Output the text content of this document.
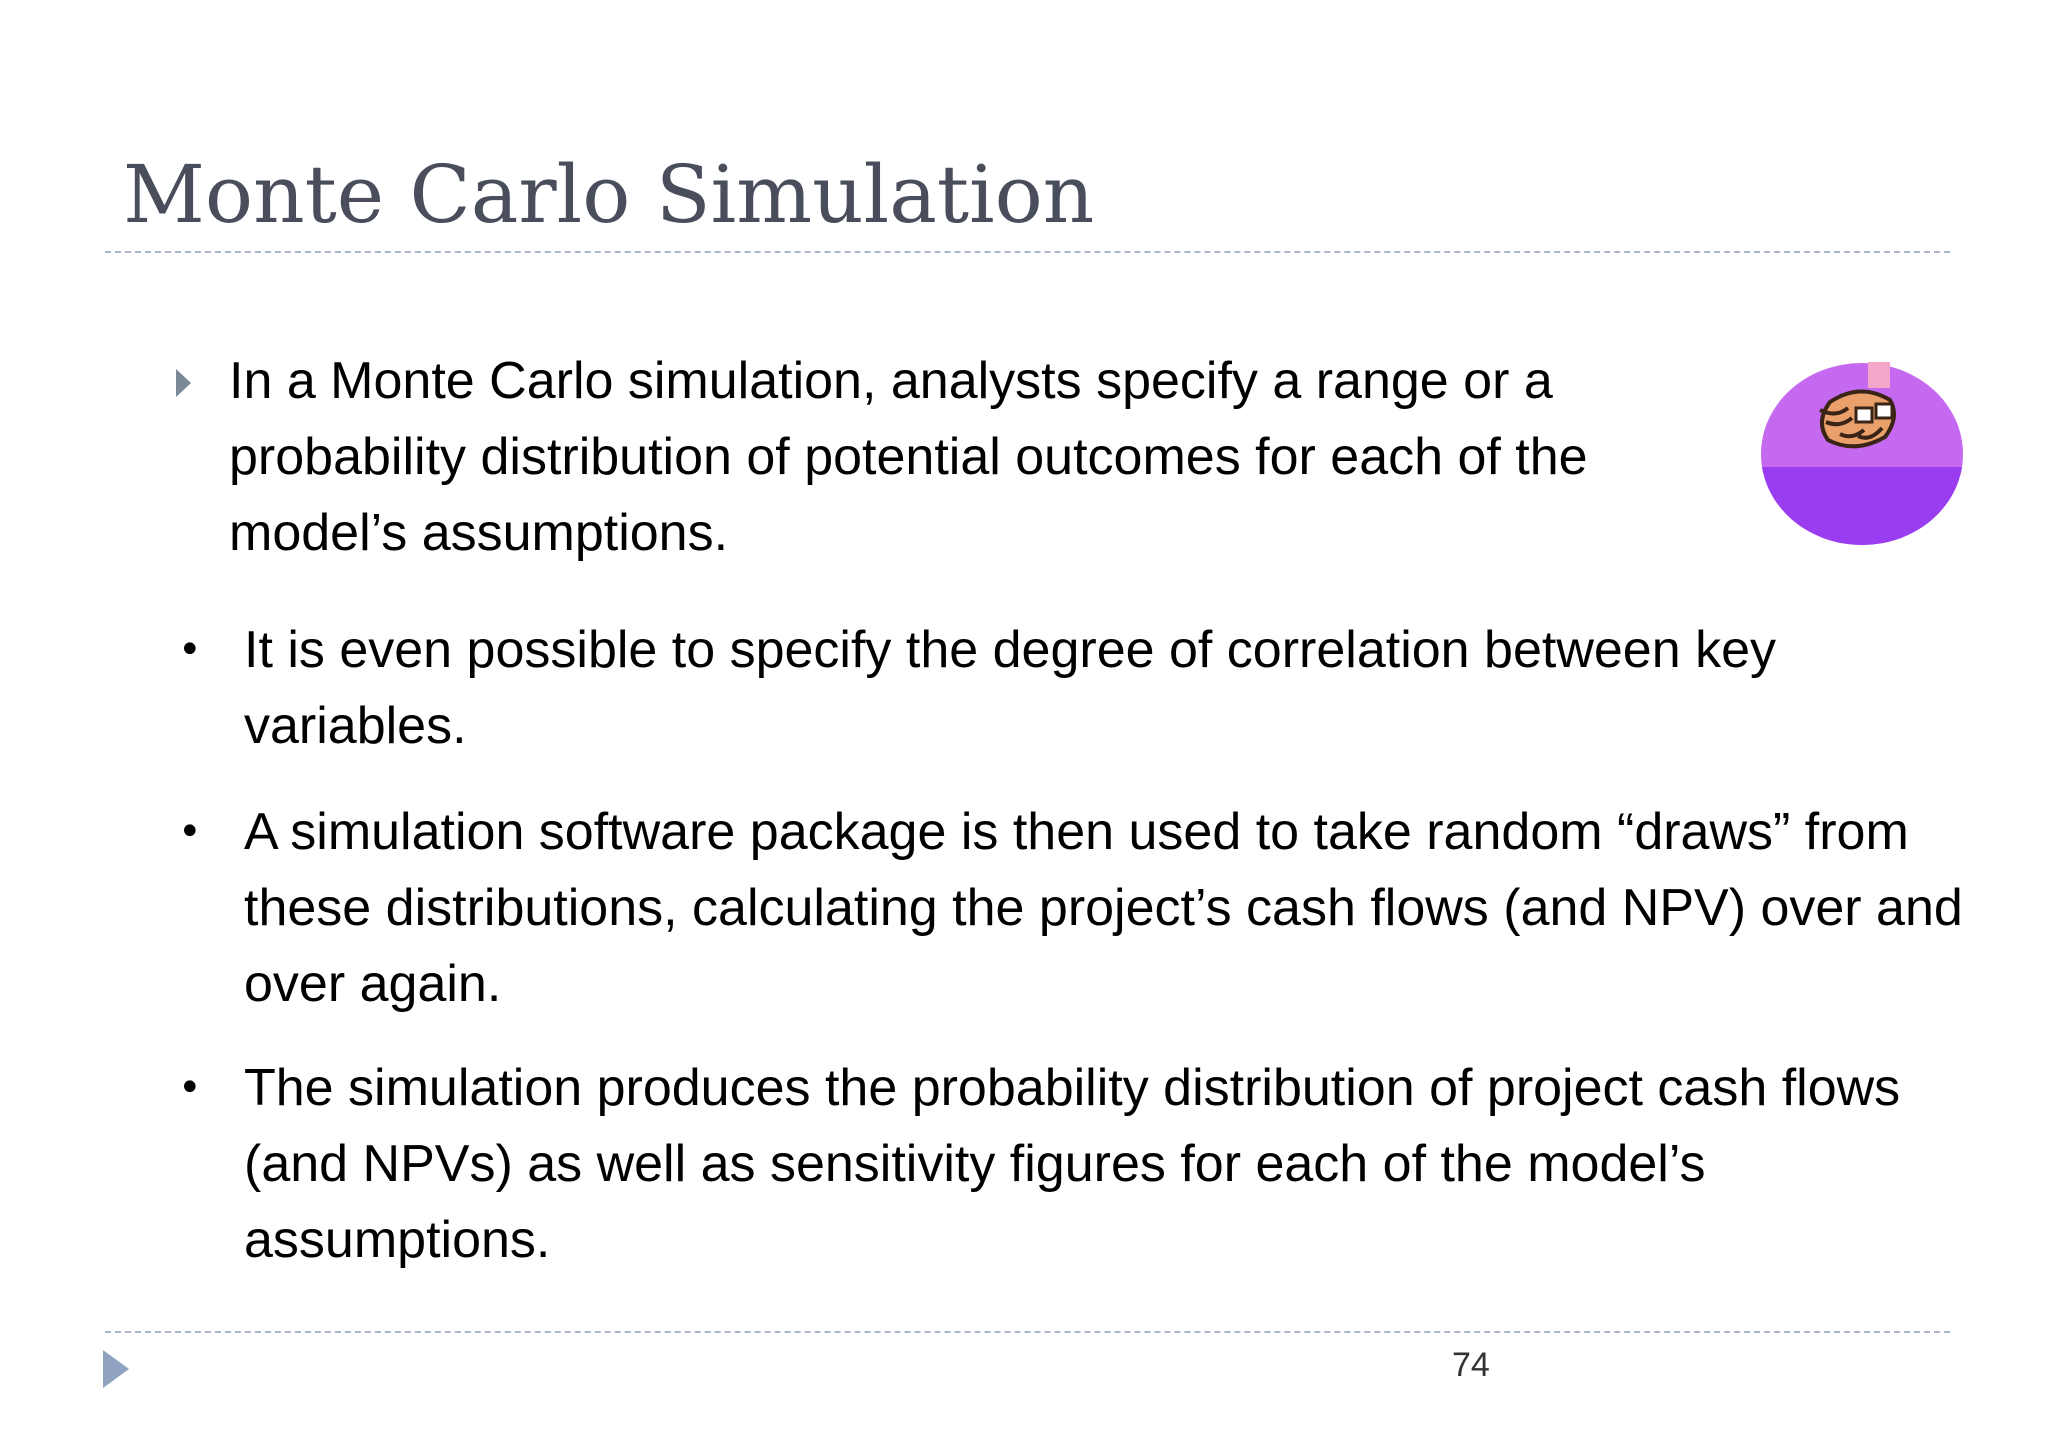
Monte Carlo Simulation
In a Monte Carlo simulation, analysts specify a range or a probability distribution of potential outcomes for each of the model’s assumptions.
• It is even possible to specify the degree of correlation between key variables.
• A simulation software package is then used to take random “draws” from these distributions, calculating the project’s cash flows (and NPV) over and over again.
• The simulation produces the probability distribution of project cash flows (and NPVs) as well as sensitivity figures for each of the model’s assumptions.
74
